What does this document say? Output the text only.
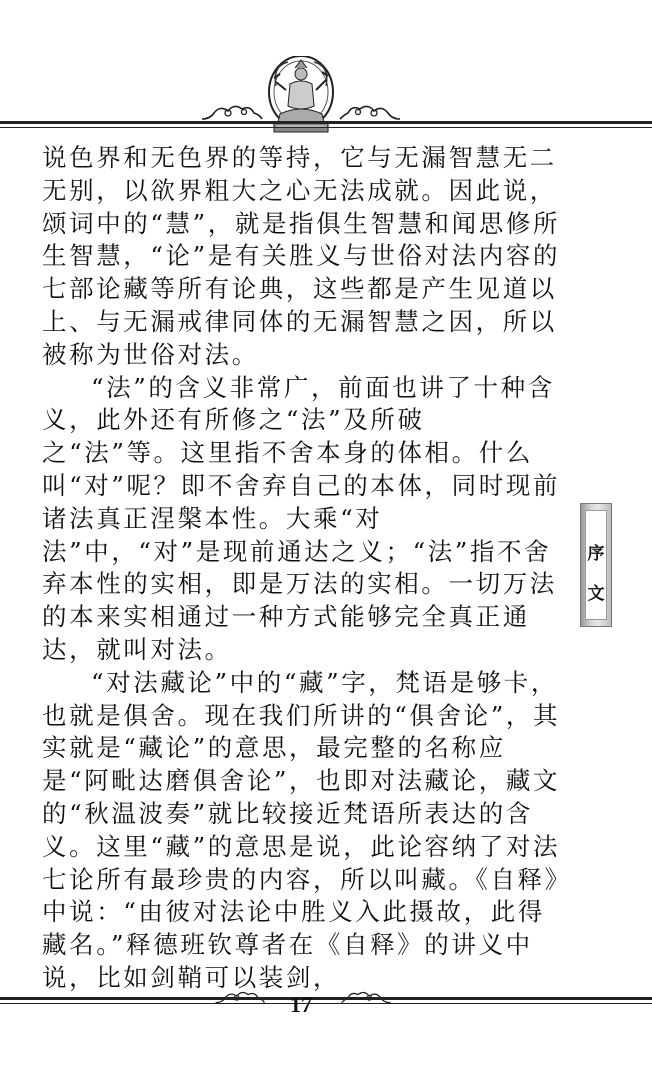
说色界和无色界的等持，它与无漏智慧无二无别，以欲界粗大之心无法成就。因此说，颂词中的“慧”，就是指俱生智慧和闻思修所生智慧，“论”是有关胜义与世俗对法内容的七部论藏等所有论典，这些都是产生见道以上、与无漏戒律同体的无漏智慧之因，所以被称为世俗对法。

“法”的含义非常广，前面也讲了十种含义，此外还有所修之“法”及所破之“法”等。这里指不舍本身的体相。什么叫“对”呢？即不舍弃自己的本体，同时现前诸法真正涅槃本性。大乘“对法”中，“对”是现前通达之义；“法”指不舍弃本性的实相，即是万法的实相。一切万法的本来实相通过一种方式能够完全真正通达，就叫对法。

“对法藏论”中的“藏”字，梵语是够卡，也就是俱舍。现在我们所讲的“俱舍论”，其实就是“藏论”的意思，最完整的名称应是“阿毗达磨俱舍论”，也即对法藏论，藏文的“秋温波奏”就比较接近梵语所表达的含义。这里“藏”的意思是说，此论容纳了对法七论所有最珍贵的内容，所以叫藏。《自释》中说：“由彼对法论中胜义入此摄故，此得藏名。”释德班钦尊者在《自释》的讲义中说，比如剑鞘可以装剑，

序
文
17
